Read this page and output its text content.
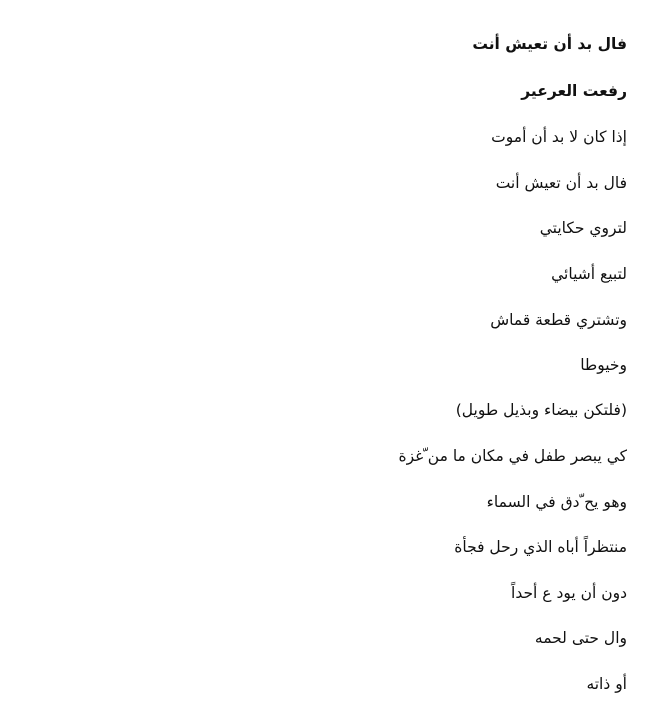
فال بد أن تعيش أنت
رفعت العرعير
إذا كان لا بد أن أموت
فال بد أن تعيش أنت
لتروي حكايتي
لتبيع أشيائي
وتشتري قطعة قماش
وخيوطا
(فلتكن بيضاء وبذيل طويل)
كي يبصر طفل في مكان ما من ّغزة
وهو يح ّدق في السماء
منتظراً أباه الذي رحل فجأة
دون أن يود ع أحداً
وال حتى لحمه
أو ذاته
